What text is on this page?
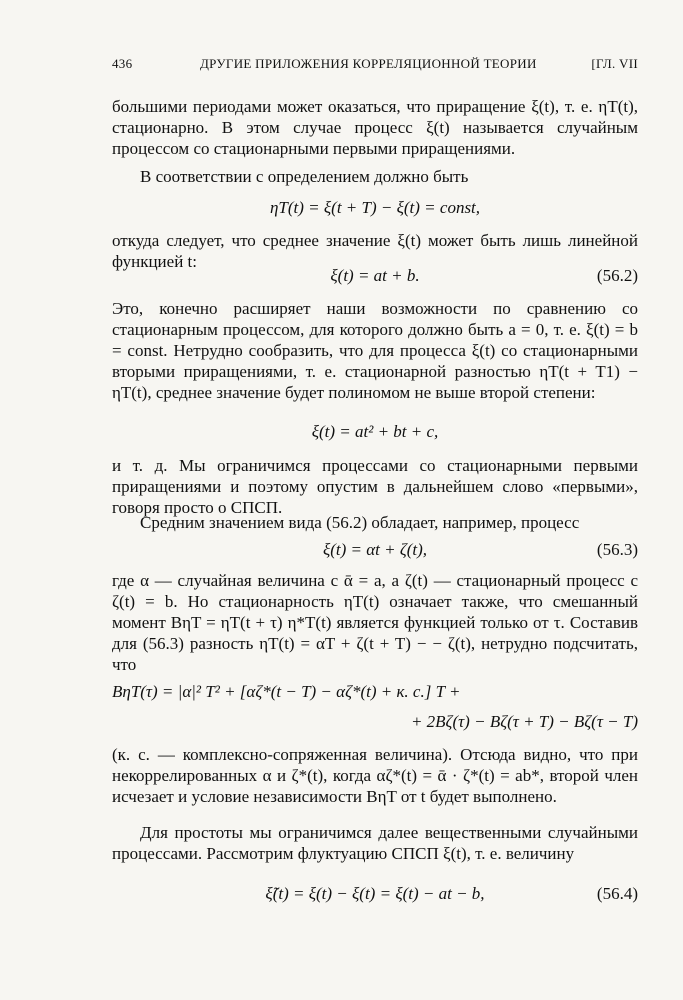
436	ДРУГИЕ ПРИЛОЖЕНИЯ КОРРЕЛЯЦИОННОЙ ТЕОРИИ	[ГЛ. VII

большими периодами может оказаться, что приращение ξ(t), т. е. ηT(t), стационарно. В этом случае процесс ξ(t) называется случайным процессом со стационарными первыми приращениями.

В соответствии с определением должно быть

ηT(t) = ξ(t + T) − ξ(t) = const,

откуда следует, что среднее значение ξ(t) может быть лишь линейной функцией t:

ξ(t) = at + b.	(56.2)

Это, конечно расширяет наши возможности по сравнению со стационарным процессом, для которого должно быть a = 0, т. е. ξ(t) = b = const. Нетрудно сообразить, что для процесса ξ(t) со стационарными вторыми приращениями, т. е. стационарной разностью ηT(t + T1) − ηT(t), среднее значение будет полиномом не выше второй степени:

ξ(t) = at² + bt + c,

и т. д. Мы ограничимся процессами со стационарными первыми приращениями и поэтому опустим в дальнейшем слово «первыми», говоря просто о СПСП.

Средним значением вида (56.2) обладает, например, процесс

ξ(t) = αt + ζ(t),	(56.3)

где α — случайная величина с ᾱ = a, а ζ(t) — стационарный процесс с ζ(t) = b. Но стационарность ηT(t) означает также, что смешанный момент BηT = ηT(t + τ) η*T(t) является функцией только от τ. Составив для (56.3) разность ηT(t) = αT + ζ(t + T) − − ζ(t), нетрудно подсчитать, что

BηT(τ) = |α|² T² + [αζ*(t − T) − αζ*(t) + к. с.] T +
+ 2Bζ(τ) − Bζ(τ + T) − Bζ(τ − T)

(к. с. — комплексно-сопряженная величина). Отсюда видно, что при некоррелированных α и ζ*(t), когда αζ*(t) = ᾱ · ζ*(t) = ab*, второй член исчезает и условие независимости BηT от t будет выполнено.

Для простоты мы ограничимся далее вещественными случайными процессами. Рассмотрим флуктуацию СПСП ξ(t), т. е. величину

ξ̃(t) = ξ(t) − ξ(t) = ξ(t) − at − b,	(56.4)
